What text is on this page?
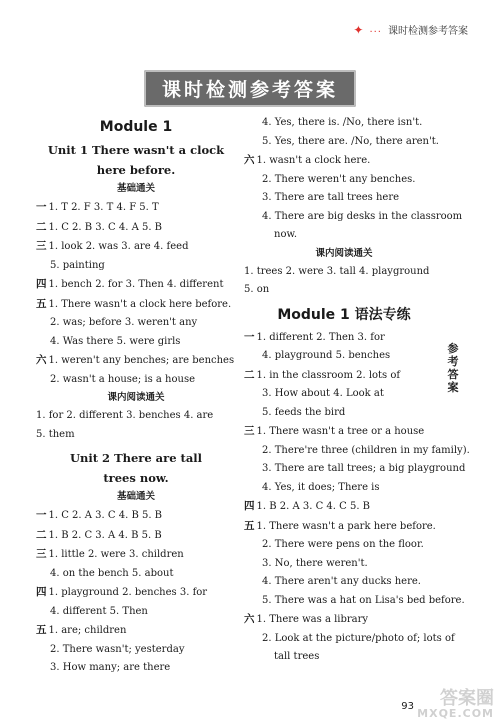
✦ ... 课时检测参考答案
课时检测参考答案
Module 1
Unit 1 There wasn't a clock
here before.
基础通关
一 1. T 2. F 3. T 4. F 5. T
二 1. C 2. B 3. C 4. A 5. B
三 1. look 2. was 3. are 4. feed
5. painting
四 1. bench 2. for 3. Then 4. different
五 1. There wasn't a clock here before.
2. was; before 3. weren't any
4. Was there 5. were girls
六 1. weren't any benches; are benches
2. wasn't a house; is a house
课内阅读通关
1. for 2. different 3. benches 4. are
5. them
Unit 2 There are tall
trees now.
基础通关
一 1. C 2. A 3. C 4. B 5. B
二 1. B 2. C 3. A 4. B 5. B
三 1. little 2. were 3. children
4. on the bench 5. about
四 1. playground 2. benches 3. for
4. different 5. Then
五 1. are; children
2. There wasn't; yesterday
3. How many; are there
4. Yes, there is. /No, there isn't.
5. Yes, there are. /No, there aren't.
六 1. wasn't a clock here.
2. There weren't any benches.
3. There are tall trees here
4. There are big desks in the classroom
now.
课内阅读通关
1. trees 2. were 3. tall 4. playground
5. on
Module 1 语法专练
一 1. different 2. Then 3. for
4. playground 5. benches
二 1. in the classroom 2. lots of
3. How about 4. Look at
5. feeds the bird
三 1. There wasn't a tree or a house
2. There're three (children in my family).
3. There are tall trees; a big playground
4. Yes, it does; There is
四 1. B 2. A 3. C 4. C 5. B
五 1. There wasn't a park here before.
2. There were pens on the floor.
3. No, there weren't.
4. There aren't any ducks here.
5. There was a hat on Lisa's bed before.
六 1. There was a library
2. Look at the picture/photo of; lots of
tall trees
参考答案
93	答案圈
MXQE.COM
